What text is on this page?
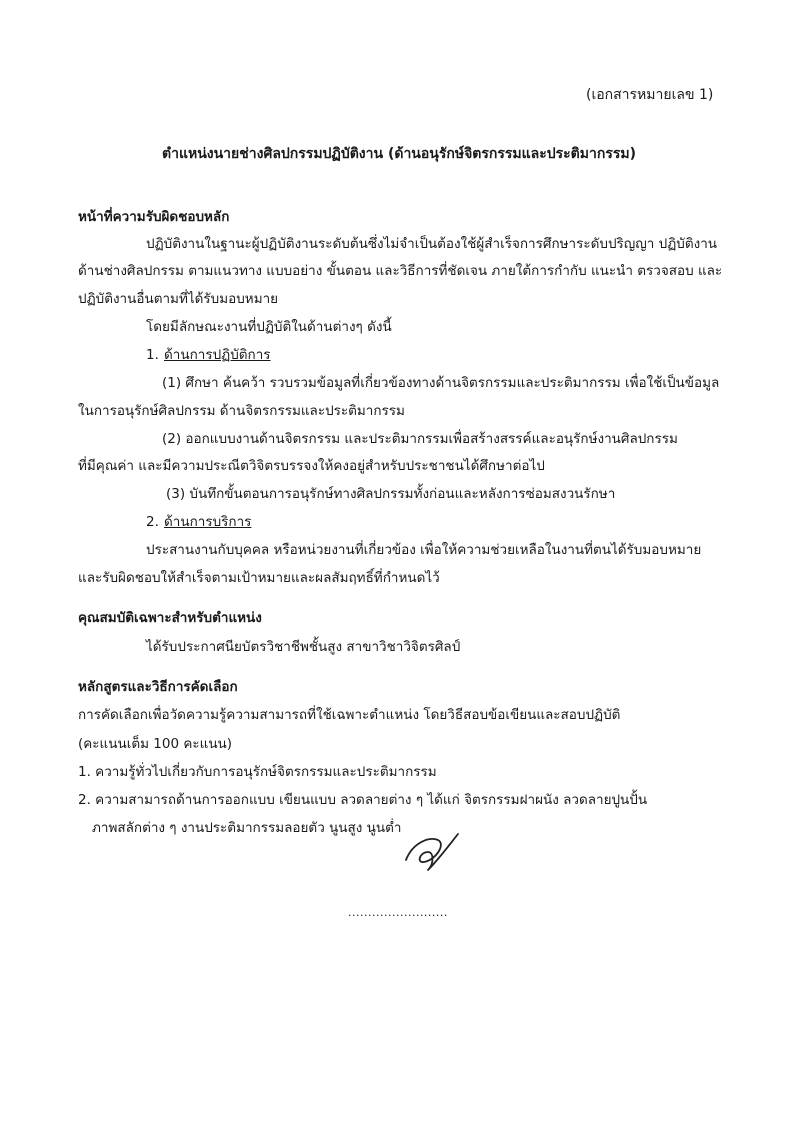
(เอกสารหมายเลข 1)
ตำแหน่งนายช่างศิลปกรรมปฏิบัติงาน (ด้านอนุรักษ์จิตรกรรมและประติมากรรม)
หน้าที่ความรับผิดชอบหลัก
ปฏิบัติงานในฐานะผู้ปฏิบัติงานระดับต้นซึ่งไม่จำเป็นต้องใช้ผู้สำเร็จการศึกษาระดับปริญญา ปฏิบัติงาน
ด้านช่างศิลปกรรม ตามแนวทาง แบบอย่าง ขั้นตอน และวิธีการที่ชัดเจน ภายใต้การกำกับ แนะนำ ตรวจสอบ และ
ปฏิบัติงานอื่นตามที่ได้รับมอบหมาย
โดยมีลักษณะงานที่ปฏิบัติในด้านต่างๆ ดังนี้
1. ด้านการปฏิบัติการ
(1) ศึกษา ค้นคว้า รวบรวมข้อมูลที่เกี่ยวข้องทางด้านจิตรกรรมและประติมากรรม เพื่อใช้เป็นข้อมูล
ในการอนุรักษ์ศิลปกรรม ด้านจิตรกรรมและประติมากรรม
(2) ออกแบบงานด้านจิตรกรรม และประติมากรรมเพื่อสร้างสรรค์และอนุรักษ์งานศิลปกรรม
ที่มีคุณค่า และมีความประณีตวิจิตรบรรจงให้คงอยู่สำหรับประชาชนได้ศึกษาต่อไป
(3) บันทึกขั้นตอนการอนุรักษ์ทางศิลปกรรมทั้งก่อนและหลังการซ่อมสงวนรักษา
2. ด้านการบริการ
ประสานงานกับบุคคล หรือหน่วยงานที่เกี่ยวข้อง เพื่อให้ความช่วยเหลือในงานที่ตนได้รับมอบหมาย
และรับผิดชอบให้สำเร็จตามเป้าหมายและผลสัมฤทธิ์ที่กำหนดไว้
คุณสมบัติเฉพาะสำหรับตำแหน่ง
ได้รับประกาศนียบัตรวิชาชีพชั้นสูง สาขาวิชาวิจิตรศิลป์
หลักสูตรและวิธีการคัดเลือก
การคัดเลือกเพื่อวัดความรู้ความสามารถที่ใช้เฉพาะตำแหน่ง โดยวิธีสอบข้อเขียนและสอบปฏิบัติ
(คะแนนเต็ม 100 คะแนน)
1. ความรู้ทั่วไปเกี่ยวกับการอนุรักษ์จิตรกรรมและประติมากรรม
2. ความสามารถด้านการออกแบบ เขียนแบบ ลวดลายต่าง ๆ ได้แก่ จิตรกรรมฝาผนัง ลวดลายปูนปั้น
ภาพสลักต่าง ๆ งานประติมากรรมลอยตัว นูนสูง นูนต่ำ
.........................
